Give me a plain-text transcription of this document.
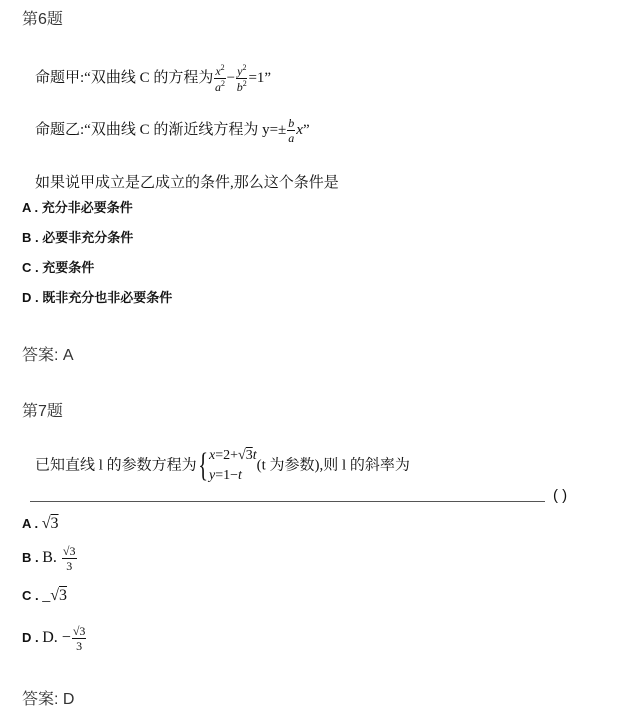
第6题
命题甲:“双曲线 C 的方程为 $\frac{x^2}{a^2} - \frac{y^2}{b^2} =1$”
命题乙:“双曲线 C 的渐近线方程为 $y=\pm \frac{b}{a} x$”
如果说甲成立是乙成立的条件,那么这个条件是
A . 充分非必要条件
B . 必要非充分条件
C . 充要条件
D . 既非充分也非必要条件
答案: A
第7题
已知直线 l 的参数方程为{ x=2+√3t
y=1−t
(t 为参数),则 l 的斜率为
( )
A . √3
B . B. $\frac{√3}{3}$
C . _√3
D . D. − $\frac{√3}{3}$
答案: D
